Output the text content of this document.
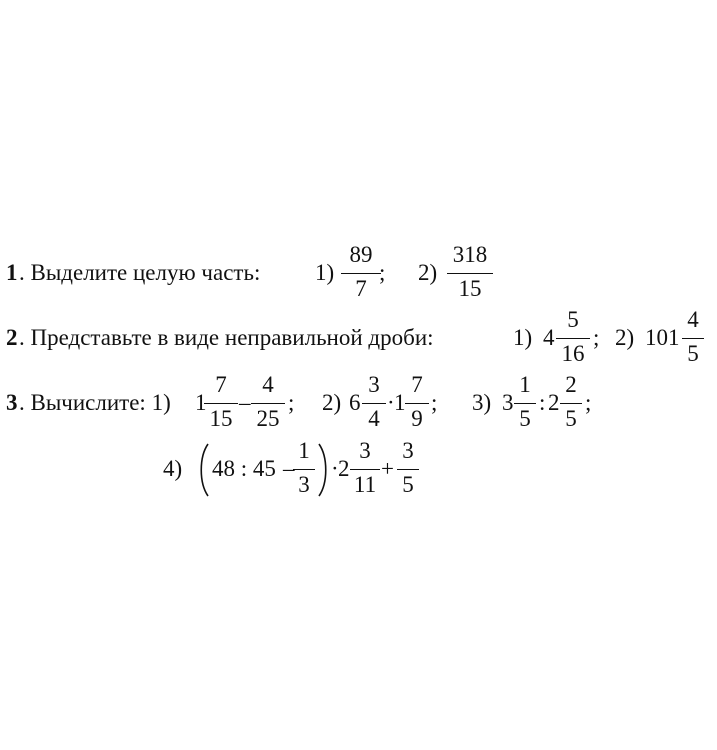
1 . Выделите целую часть: 1)
89
7
; 2)
318
15
2 . Представьте в виде неправильной дроби:	1) 4
5
16
; 2) 101
4
5
3 . Вычислите: 1) 1
7
15
–
4
25
; 2) 6
3
4
· 1
7
9
; 3) 3
1
5
: 2
2
5
;
4) 48 : 45 –
1
3
· 2
3
11
+
3
5
